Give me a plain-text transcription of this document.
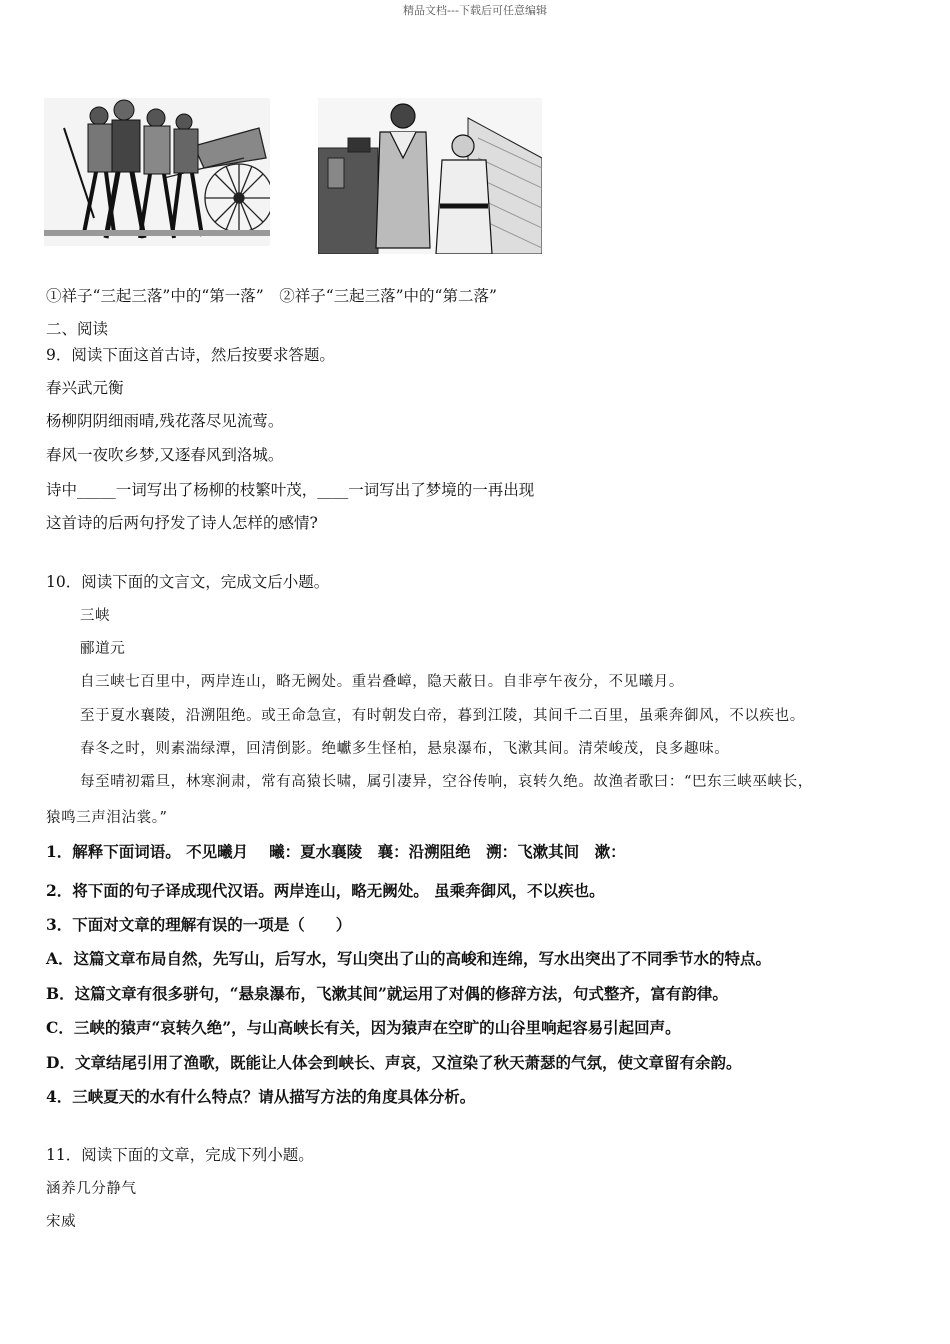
精品文档---下载后可任意编辑
①祥子“三起三落”中的“第一落”　②祥子“三起三落”中的“第二落”
二、阅读
9．阅读下面这首古诗，然后按要求答题。
春兴武元衡
杨柳阴阴细雨晴,残花落尽见流莺。
春风一夜吹乡梦,又逐春风到洛城。
诗中_____一词写出了杨柳的枝繁叶茂，____一词写出了梦境的一再出现
这首诗的后两句抒发了诗人怎样的感情?
10．阅读下面的文言文，完成文后小题。
三峡
郦道元
自三峡七百里中，两岸连山，略无阙处。重岩叠嶂，隐天蔽日。自非亭午夜分，不见曦月。
至于夏水襄陵，沿溯阻绝。或王命急宣，有时朝发白帝，暮到江陵，其间千二百里，虽乘奔御风，不以疾也。
春冬之时，则素湍绿潭，回清倒影。绝巘多生怪柏，悬泉瀑布，飞漱其间。清荣峻茂，良多趣味。
每至晴初霜旦，林寒涧肃，常有高猿长啸，属引凄异，空谷传响，哀转久绝。故渔者歌曰：“巴东三峡巫峡长，
猿鸣三声泪沾裳。”
1．解释下面词语。 不见曦月　 曦：夏水襄陵　襄：沿溯阻绝　溯：飞漱其间　漱：
2．将下面的句子译成现代汉语。两岸连山，略无阙处。 虽乘奔御风，不以疾也。
3．下面对文章的理解有误的一项是（　　）
A．这篇文章布局自然，先写山，后写水，写山突出了山的高峻和连绵，写水出突出了不同季节水的特点。
B．这篇文章有很多骈句，“悬泉瀑布，飞漱其间”就运用了对偶的修辞方法，句式整齐，富有韵律。
C．三峡的猿声“哀转久绝”，与山高峡长有关，因为猿声在空旷的山谷里响起容易引起回声。
D．文章结尾引用了渔歌，既能让人体会到峡长、声哀，又渲染了秋天萧瑟的气氛，使文章留有余韵。
4．三峡夏天的水有什么特点？请从描写方法的角度具体分析。
11．阅读下面的文章，完成下列小题。
涵养几分静气
宋威
